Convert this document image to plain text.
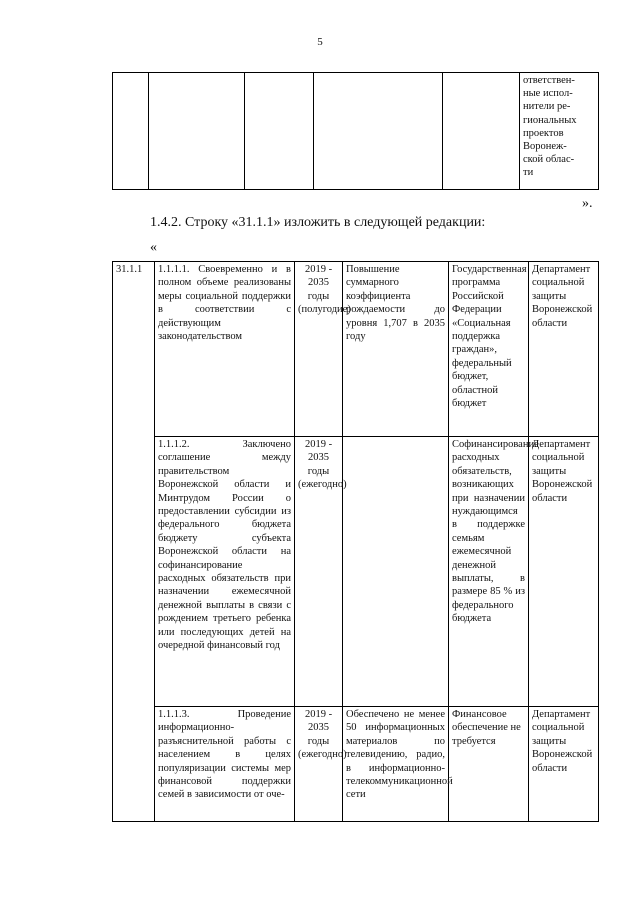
5

ответствен-
ные испол-
нители ре-
гиональных
проектов
Воронеж-
ской облас-
ти
».
1.4.2. Строку «31.1.1» изложить в следующей редакции:
«
31.1.1	1.1.1.1. Своевременно и в полном объеме реализованы меры социальной поддержки в соответствии с действующим законодательством	2019 - 2035 годы (полугодие)	Повышение суммарного коэффициента рождаемости до уровня 1,707 в 2035 году	Государственная программа Российской Федерации «Социальная поддержка граждан», федеральный бюджет, областной бюджет	Департамент социальной защиты Воронежской области
	1.1.1.2. Заключено соглашение между правительством Воронежской области и Минтрудом России о предоставлении субсидии из федерального бюджета бюджету субъекта Воронежской области на софинансирование расходных обязательств при назначении ежемесячной денежной выплаты в связи с рождением третьего ребенка или последующих детей на очередной финансовый год	2019 - 2035 годы (ежегодно)		Софинансирование расходных обязательств, возникающих при назначении нуждающимся в поддержке семьям ежемесячной денежной выплаты, в размере 85 % из федерального бюджета	Департамент социальной защиты Воронежской области

	1.1.1.3. Проведение информационно-разъяснительной работы с населением в целях популяризации системы мер финансовой поддержки семей в зависимости от оче-	2019 - 2035 годы (ежегодно)	Обеспечено не менее 50 информационных материалов по телевидению, радио, в информационно-телекоммуникационной сети	Финансовое обеспечение не требуется	Департамент социальной защиты Воронежской области
